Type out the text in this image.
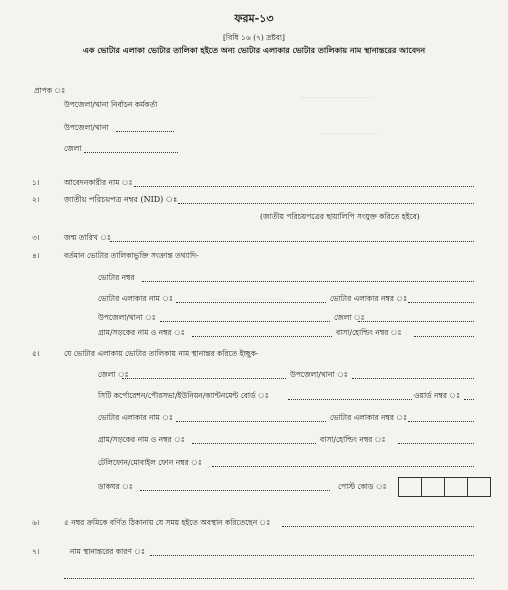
.................................
..........................
.................................
ফরম-১৩
[বিধি ১৬ (৭) দ্রষ্টব্য]
এক ভোটার এলাকা ভোটার তালিকা হইতে অন্য ভোটার এলাকার ভোটার তালিকায় নাম স্থানান্তরের আবেদন
প্রাপক ঃ
উপজেলা/থানা নির্বাচন কর্মকর্তা
উপজেলা/থানা
জেলা
১।	আবেদনকারীর নাম ঃ
২।	জাতীয় পরিচয়পত্র নম্বর (NID) ঃ
(জাতীয় পরিচয়পত্রের ছায়ালিপি সংযুক্ত করিতে হইবে)
৩।	জন্ম তারিখ ঃ
৪।	বর্তমান ভোটার তালিকাভুক্তি সংক্রান্ত তথ্যাদি-
ভোটার নম্বর
ভোটার এলাকার নাম ঃ	ভোটার এলাকার নম্বর ঃ
উপজেলা/থানা ঃ	জেলা ঃ
গ্রাম/সড়কের নাম ও নম্বর ঃ	বাসা/হোল্ডিং নম্বর ঃ
৫।	যে ভোটার এলাকায় ভোটার তালিকায় নাম স্থানান্তর করিতে ইচ্ছুক-
জেলা ঃ	উপজেলা/থানা ঃ
সিটি কর্পোরেশন/পৌরসভা/ইউনিয়ন/ক্যান্টনমেন্ট বোর্ড ঃ	ওয়ার্ড নম্বর ঃ
ভোটার এলাকার নাম ঃ	ভোটার এলাকার নম্বর ঃ
গ্রাম/সড়কের নাম ও নম্বর ঃ	বাসা/হোল্ডিং নম্বর ঃ
টেলিফোন/মোবাইল ফোন নম্বর ঃ
ডাকঘর ঃ	পোস্ট কোড ঃ
৬।	৫ নম্বর ক্রমিকে বর্ণিত ঠিকানায় যে সময় হইতে অবস্থান করিতেছেন ঃ
৭।	নাম স্থানান্তরের কারণ ঃ
